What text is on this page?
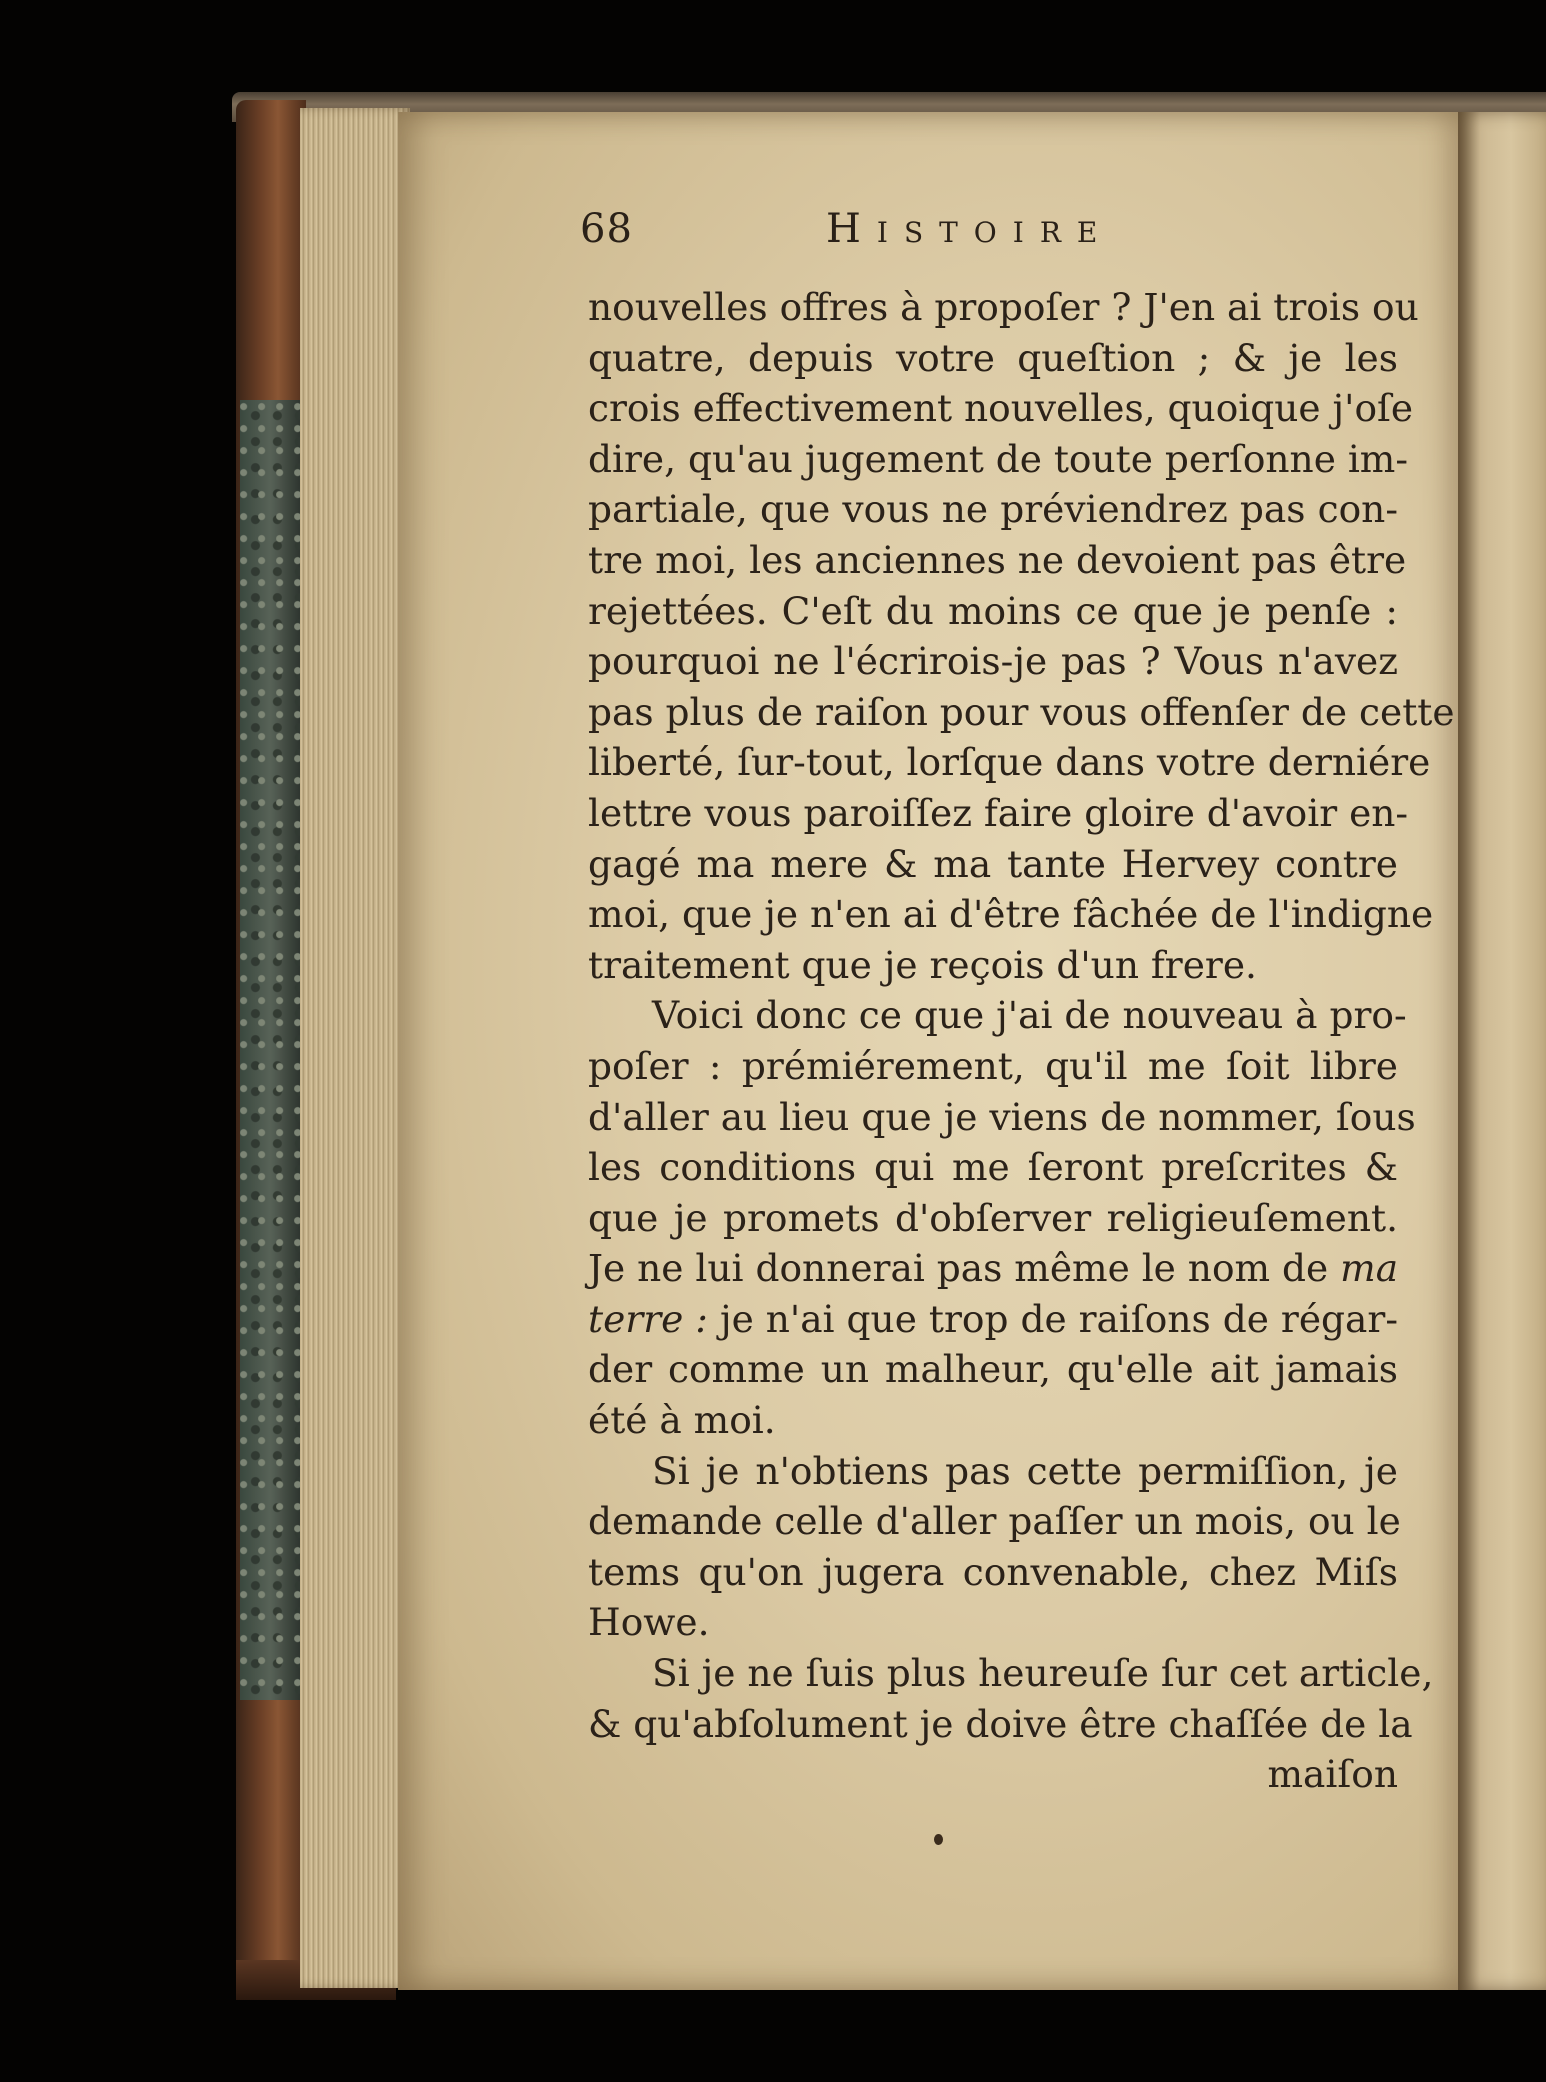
68	Histoire
nouvelles offres à propoſer ? J'en ai trois ou
quatre, depuis votre queſtion ; & je les
crois effectivement nouvelles, quoique j'oſe
dire, qu'au jugement de toute perſonne im-
partiale, que vous ne préviendrez pas con-
tre moi, les anciennes ne devoient pas être
rejettées. C'eſt du moins ce que je penſe :
pourquoi ne l'écrirois-je pas ? Vous n'avez
pas plus de raiſon pour vous offenſer de cette
liberté, ſur-tout, lorſque dans votre derniére
lettre vous paroiſſez faire gloire d'avoir en-
gagé ma mere & ma tante Hervey contre
moi, que je n'en ai d'être fâchée de l'indigne
traitement que je reçois d'un frere.
Voici donc ce que j'ai de nouveau à pro-
poſer : prémiérement, qu'il me ſoit libre
d'aller au lieu que je viens de nommer, ſous
les conditions qui me ſeront preſcrites &
que je promets d'obſerver religieuſement.
Je ne lui donnerai pas même le nom de ma
terre : je n'ai que trop de raiſons de régar-
der comme un malheur, qu'elle ait jamais
été à moi.
Si je n'obtiens pas cette permiſſion, je
demande celle d'aller paſſer un mois, ou le
tems qu'on jugera convenable, chez Miſs
Howe.
Si je ne ſuis plus heureuſe ſur cet article,
& qu'abſolument je doive être chaſſée de la
maiſon
